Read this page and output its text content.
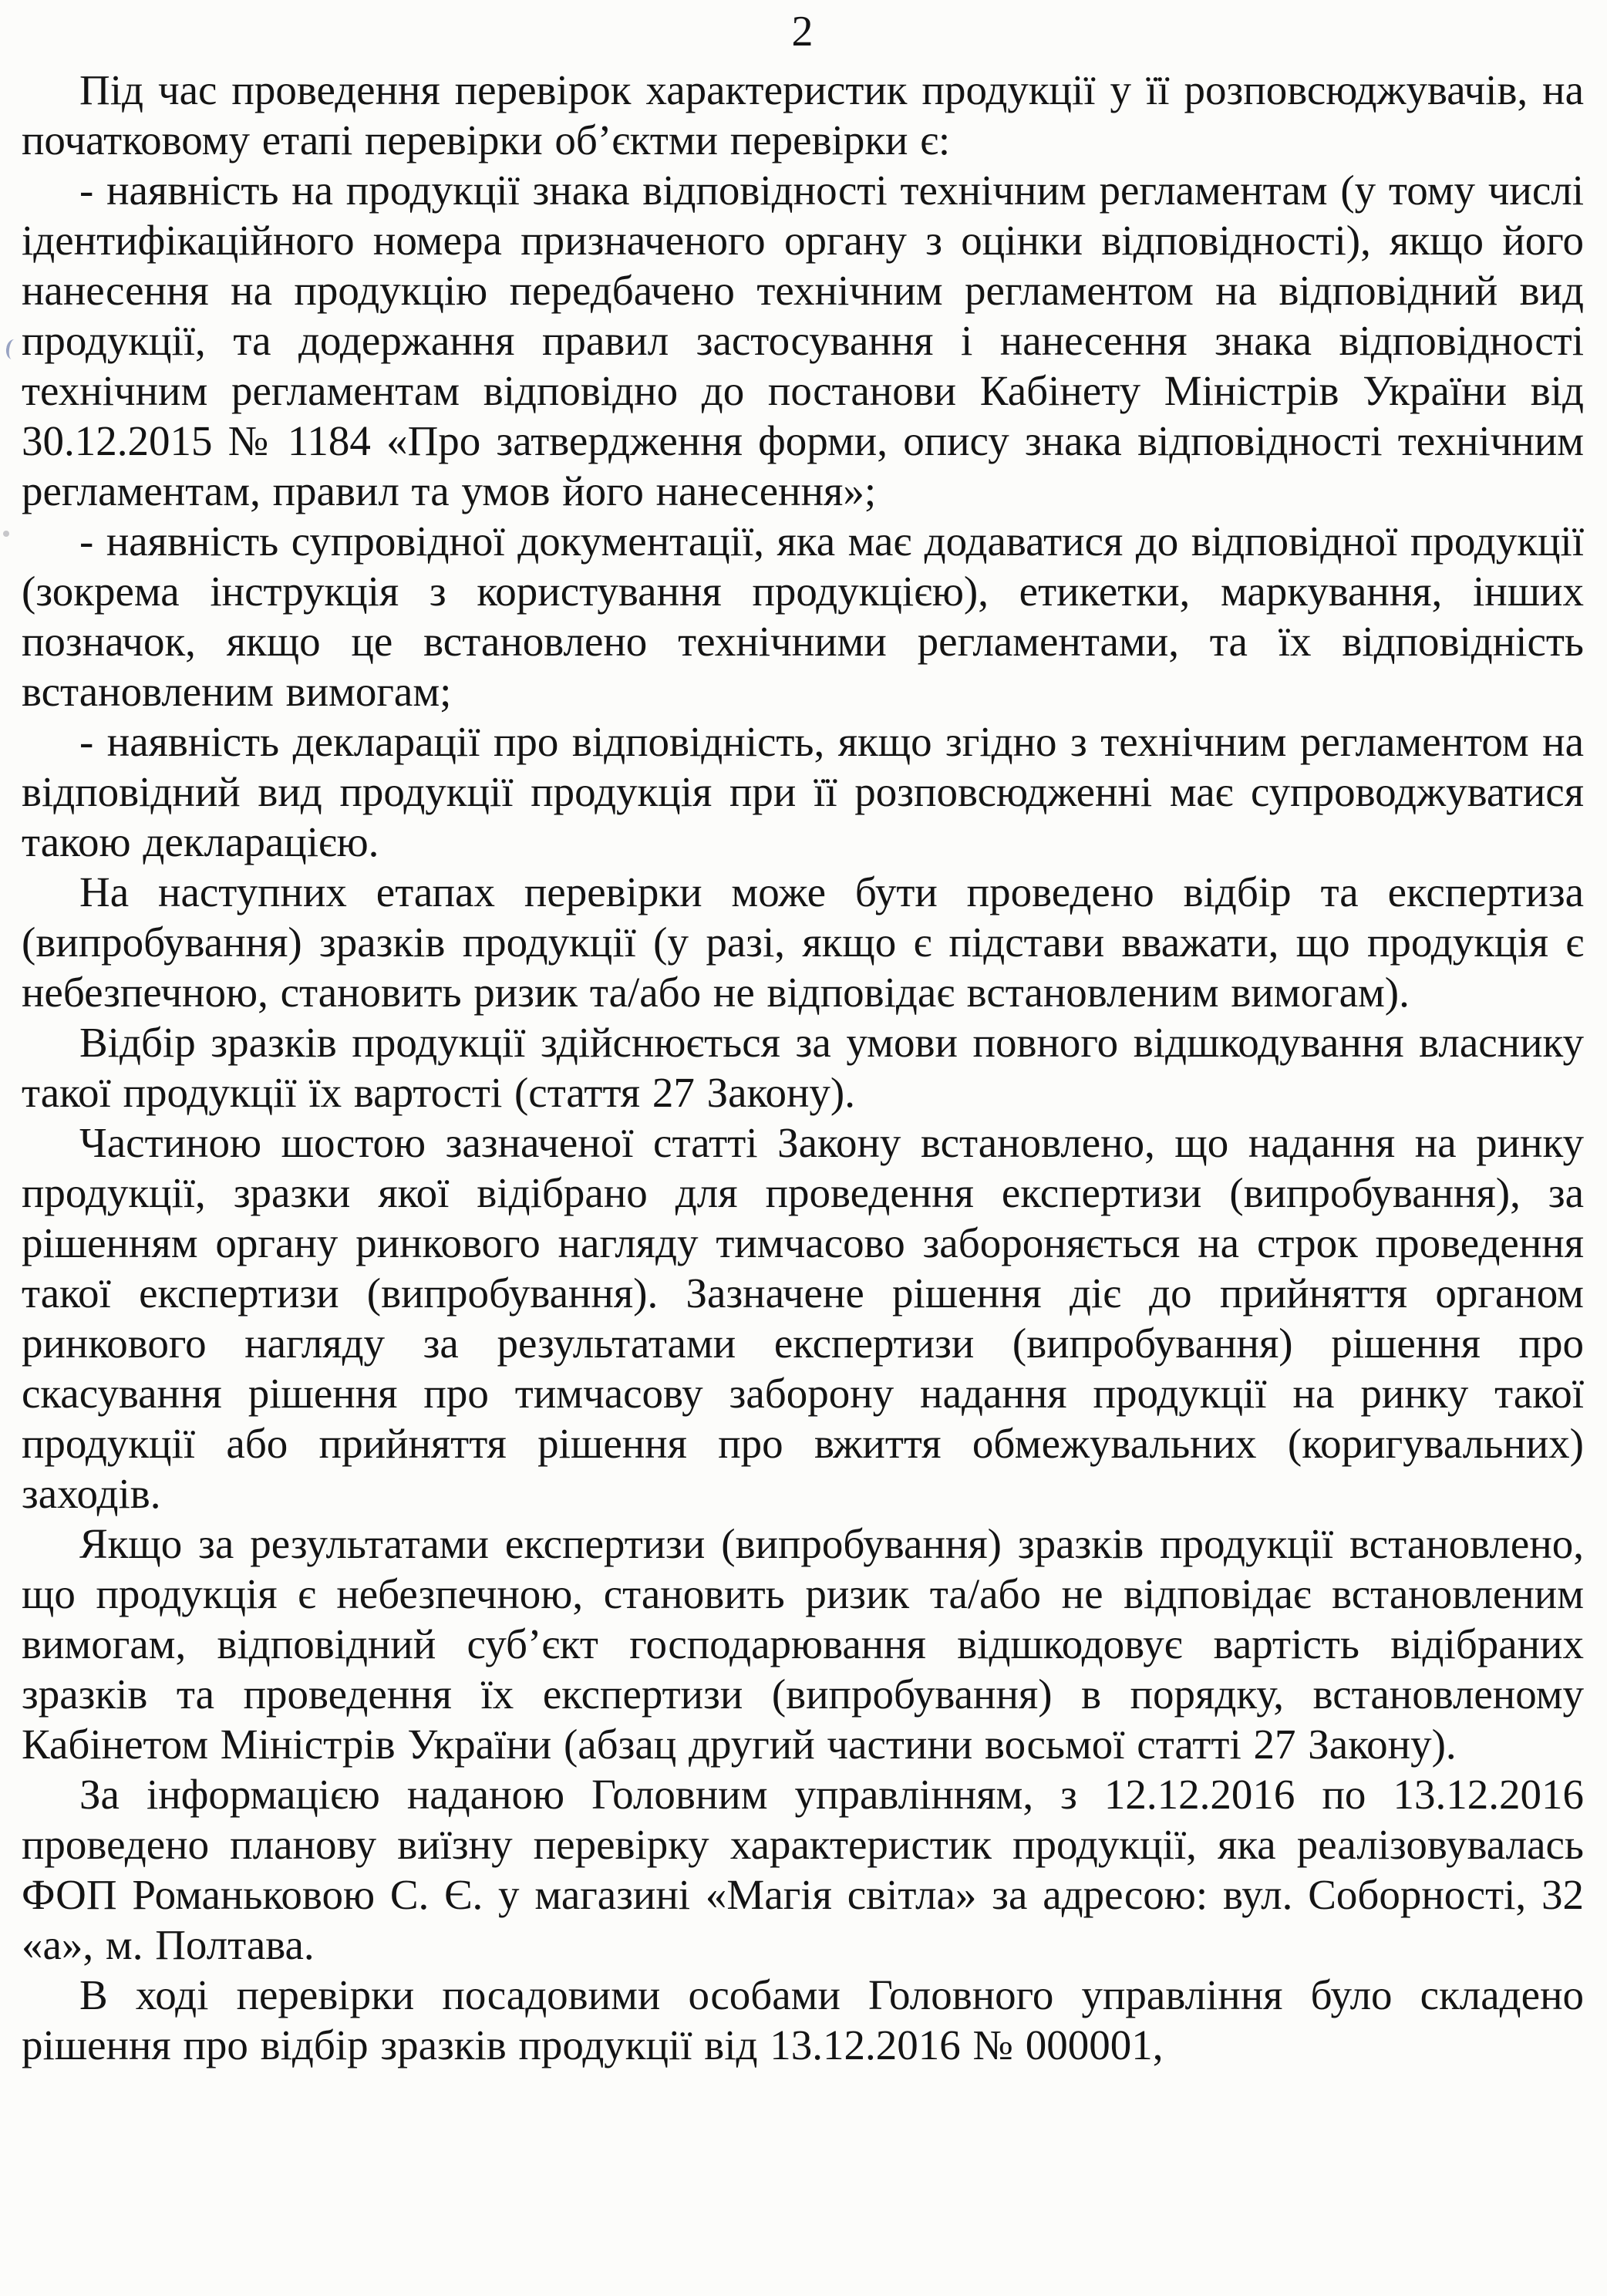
2

Під час проведення перевірок характеристик продукції у її розповсюджувачів, на початковому етапі перевірки об’єктми перевірки є:

- наявність на продукції знака відповідності технічним регламентам (у тому числі ідентифікаційного номера призначеного органу з оцінки відповідності), якщо його нанесення на продукцію передбачено технічним регламентом на відповідний вид продукції, та додержання правил застосування і нанесення знака відповідності технічним регламентам відповідно до постанови Кабінету Міністрів України від 30.12.2015 № 1184 «Про затвердження форми, опису знака відповідності технічним регламентам, правил та умов його нанесення»;

- наявність супровідної документації, яка має додаватися до відповідної продукції (зокрема інструкція з користування продукцією), етикетки, маркування, інших позначок, якщо це встановлено технічними регламентами, та їх відповідність встановленим вимогам;

- наявність декларації про відповідність, якщо згідно з технічним регламентом на відповідний вид продукції продукція при її розповсюдженні має супроводжуватися такою декларацією.

На наступних етапах перевірки може бути проведено відбір та експертиза (випробування) зразків продукції (у разі, якщо є підстави вважати, що продукція є небезпечною, становить ризик та/або не відповідає встановленим вимогам).

Відбір зразків продукції здійснюється за умови повного відшкодування власнику такої продукції їх вартості (стаття 27 Закону).

Частиною шостою зазначеної статті Закону встановлено, що надання на ринку продукції, зразки якої відібрано для проведення експертизи (випробування), за рішенням органу ринкового нагляду тимчасово забороняється на строк проведення такої експертизи (випробування). Зазначене рішення діє до прийняття органом ринкового нагляду за результатами експертизи (випробування) рішення про скасування рішення про тимчасову заборону надання продукції на ринку такої продукції або прийняття рішення про вжиття обмежувальних (коригувальних) заходів.

Якщо за результатами експертизи (випробування) зразків продукції встановлено, що продукція є небезпечною, становить ризик та/або не відповідає встановленим вимогам, відповідний суб’єкт господарювання відшкодовує вартість відібраних зразків та проведення їх експертизи (випробування) в порядку, встановленому Кабінетом Міністрів України (абзац другий частини восьмої статті 27 Закону).

За інформацією наданою Головним управлінням, з 12.12.2016 по 13.12.2016 проведено планову виїзну перевірку характеристик продукції, яка реалізовувалась ФОП Романьковою С. Є. у магазині «Магія світла» за адресою: вул. Соборності, 32 «а», м. Полтава.

В ході перевірки посадовими особами Головного управління було складено рішення про відбір зразків продукції від 13.12.2016 № 000001,
